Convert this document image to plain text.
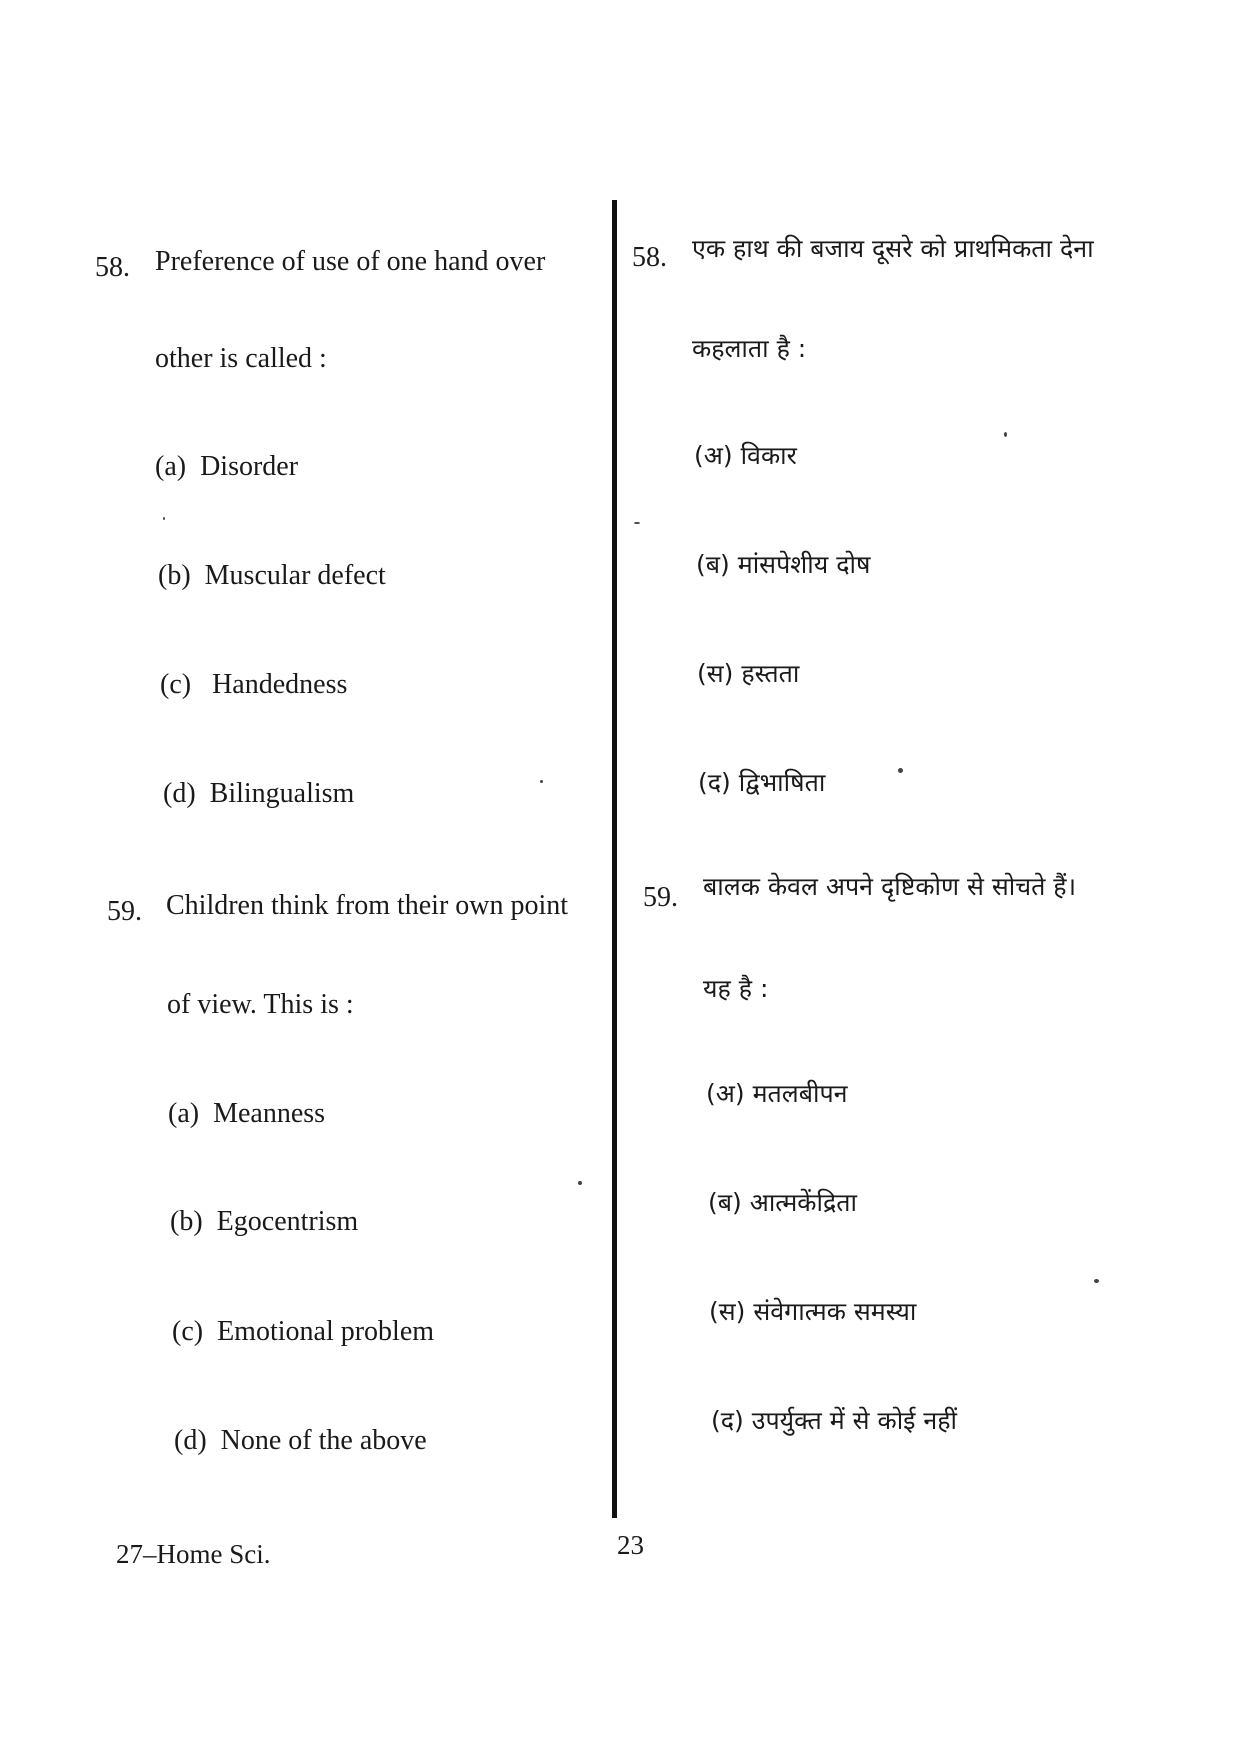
58. Preference of use of one hand over
other is called :
(a) Disorder
(b) Muscular defect
(c) Handedness
(d) Bilingualism
59. Children think from their own point
of view. This is :
(a) Meanness
(b) Egocentrism
(c) Emotional problem
(d) None of the above
58. एक हाथ की बजाय दूसरे को प्राथमिकता देना
कहलाता है :
(अ) विकार
(ब) मांसपेशीय दोष
(स) हस्तता
(द) द्विभाषिता
59. बालक केवल अपने दृष्टिकोण से सोचते हैं।
यह है :
(अ) मतलबीपन
(ब) आत्मकेंद्रिता
(स) संवेगात्मक समस्या
(द) उपर्युक्त में से कोई नहीं
27–Home Sci.	23
